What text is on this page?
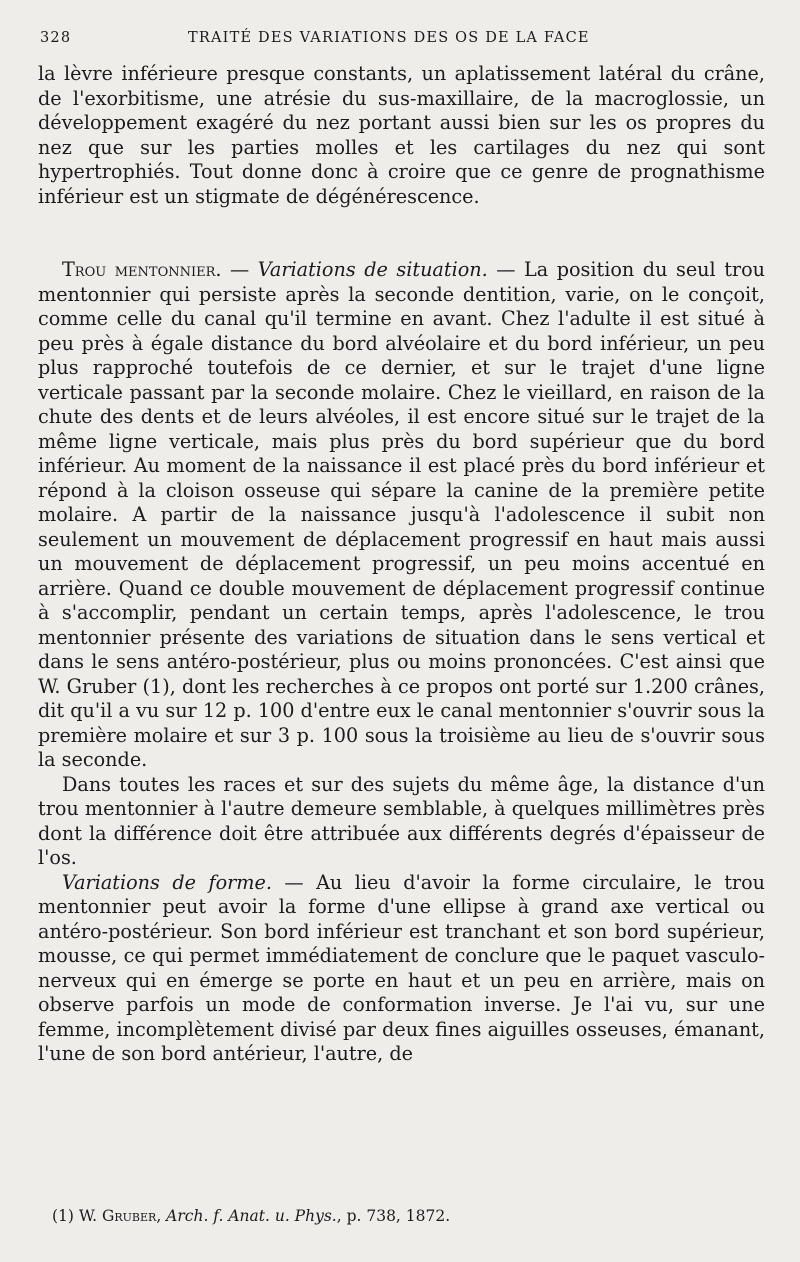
328	TRAITÉ DES VARIATIONS DES OS DE LA FACE

la lèvre inférieure presque constants, un aplatissement latéral du crâne, de l'exorbitisme, une atrésie du sus-maxillaire, de la macroglossie, un développement exagéré du nez portant aussi bien sur les os propres du nez que sur les parties molles et les cartilages du nez qui sont hypertrophiés. Tout donne donc à croire que ce genre de prognathisme inférieur est un stigmate de dégénérescence.

Trou mentonnier. — Variations de situation. — La position du seul trou mentonnier qui persiste après la seconde dentition, varie, on le conçoit, comme celle du canal qu'il termine en avant. Chez l'adulte il est situé à peu près à égale distance du bord alvéolaire et du bord inférieur, un peu plus rapproché toutefois de ce dernier, et sur le trajet d'une ligne verticale passant par la seconde molaire. Chez le vieillard, en raison de la chute des dents et de leurs alvéoles, il est encore situé sur le trajet de la même ligne verticale, mais plus près du bord supérieur que du bord inférieur. Au moment de la naissance il est placé près du bord inférieur et répond à la cloison osseuse qui sépare la canine de la première petite molaire. A partir de la naissance jusqu'à l'adolescence il subit non seulement un mouvement de déplacement progressif en haut mais aussi un mouvement de déplacement progressif, un peu moins accentué en arrière. Quand ce double mouvement de déplacement progressif continue à s'accomplir, pendant un certain temps, après l'adolescence, le trou mentonnier présente des variations de situation dans le sens vertical et dans le sens antéro-postérieur, plus ou moins prononcées. C'est ainsi que W. Gruber (1), dont les recherches à ce propos ont porté sur 1.200 crânes, dit qu'il a vu sur 12 p. 100 d'entre eux le canal mentonnier s'ouvrir sous la première molaire et sur 3 p. 100 sous la troisième au lieu de s'ouvrir sous la seconde.

Dans toutes les races et sur des sujets du même âge, la distance d'un trou mentonnier à l'autre demeure semblable, à quelques millimètres près dont la différence doit être attribuée aux différents degrés d'épaisseur de l'os.

Variations de forme. — Au lieu d'avoir la forme circulaire, le trou mentonnier peut avoir la forme d'une ellipse à grand axe vertical ou antéro-postérieur. Son bord inférieur est tranchant et son bord supérieur, mousse, ce qui permet immédiatement de conclure que le paquet vasculo-nerveux qui en émerge se porte en haut et un peu en arrière, mais on observe parfois un mode de conformation inverse. Je l'ai vu, sur une femme, incomplètement divisé par deux fines aiguilles osseuses, émanant, l'une de son bord antérieur, l'autre, de

(1) W. Gruber, Arch. f. Anat. u. Phys., p. 738, 1872.
